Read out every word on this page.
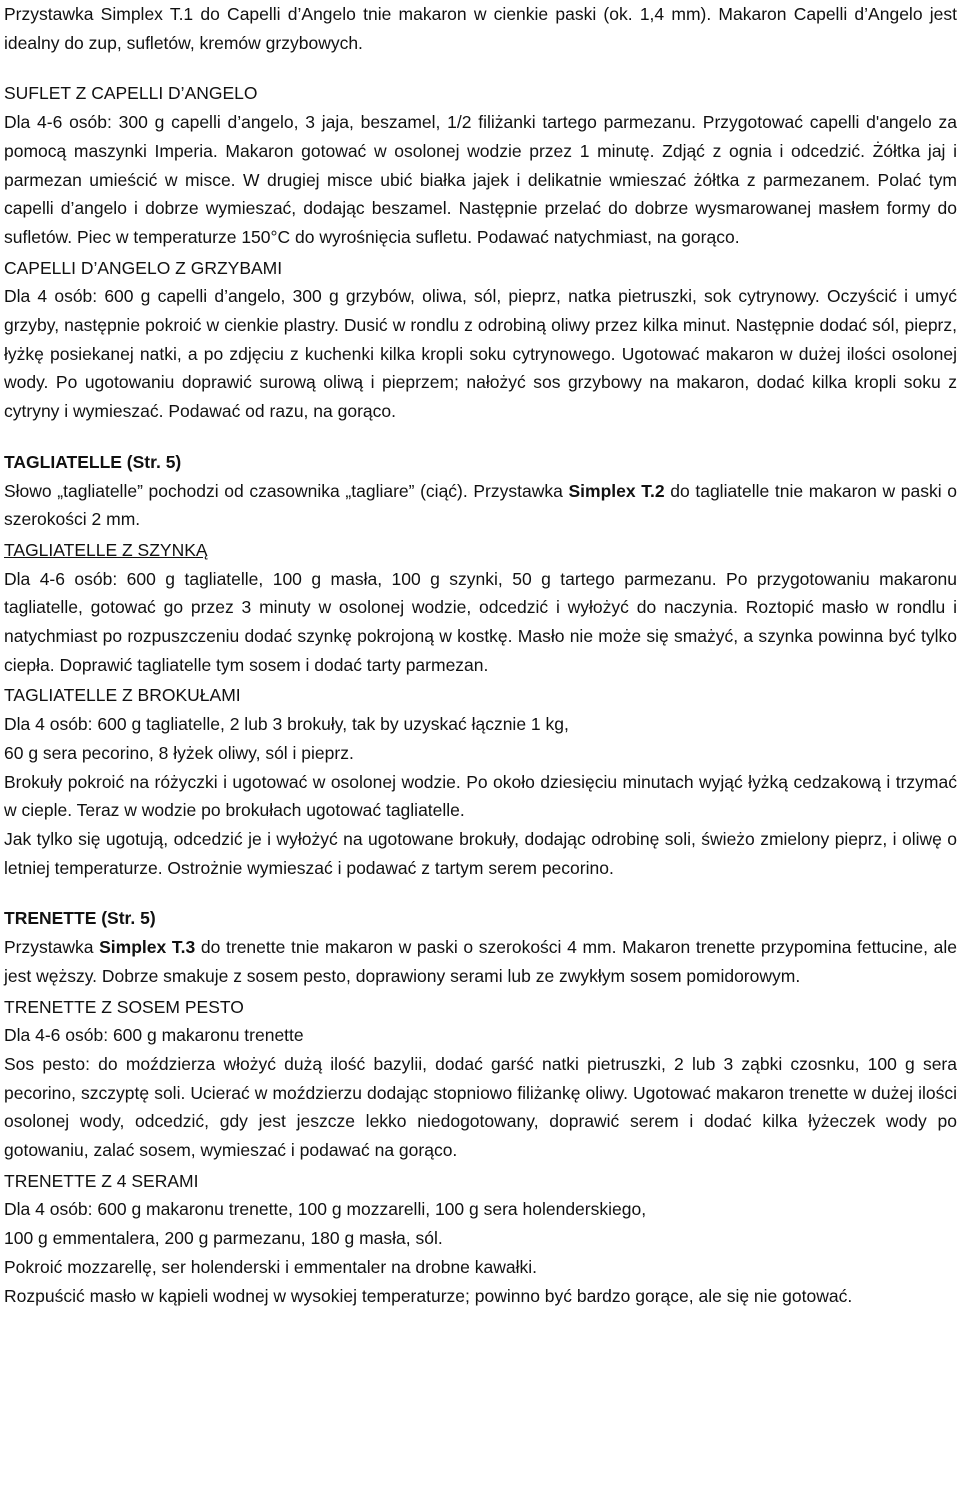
Przystawka Simplex T.1 do Capelli d’Angelo tnie makaron w cienkie paski (ok. 1,4 mm). Makaron Capelli d’Angelo jest idealny do zup, sufletów, kremów grzybowych.

SUFLET Z CAPELLI D’ANGELO

Dla 4-6 osób: 300 g capelli d’angelo, 3 jaja, beszamel, 1/2 filiżanki tartego parmezanu. Przygotować capelli d'angelo za pomocą maszynki Imperia. Makaron gotować w osolonej wodzie przez 1 minutę. Zdjąć z ognia i odcedzić. Żółtka jaj i parmezan umieścić w misce. W drugiej misce ubić białka jajek i delikatnie wmieszać żółtka z parmezanem. Polać tym capelli d’angelo i dobrze wymieszać, dodając beszamel. Następnie przelać do dobrze wysmarowanej masłem formy do sufletów. Piec w temperaturze 150°C do wyrośnięcia sufletu. Podawać natychmiast, na gorąco.

CAPELLI D’ANGELO Z GRZYBAMI

Dla 4 osób: 600 g capelli d’angelo, 300 g grzybów, oliwa, sól, pieprz, natka pietruszki, sok cytrynowy. Oczyścić i umyć grzyby, następnie pokroić w cienkie plastry. Dusić w rondlu z odrobiną oliwy przez kilka minut. Następnie dodać sól, pieprz, łyżkę posiekanej natki, a po zdjęciu z kuchenki kilka kropli soku cytrynowego. Ugotować makaron w dużej ilości osolonej wody. Po ugotowaniu doprawić surową oliwą i pieprzem; nałożyć sos grzybowy na makaron, dodać kilka kropli soku z cytryny i wymieszać. Podawać od razu, na gorąco.

TAGLIATELLE (Str. 5)

Słowo „tagliatelle” pochodzi od czasownika „tagliare” (ciąć). Przystawka Simplex T.2 do tagliatelle tnie makaron w paski o szerokości 2 mm.

TAGLIATELLE Z SZYNKĄ

Dla 4-6 osób: 600 g tagliatelle, 100 g masła, 100 g szynki, 50 g tartego parmezanu. Po przygotowaniu makaronu tagliatelle, gotować go przez 3 minuty w osolonej wodzie, odcedzić i wyłożyć do naczynia. Roztopić masło w rondlu i natychmiast po rozpuszczeniu dodać szynkę pokrojoną w kostkę. Masło nie może się smażyć, a szynka powinna być tylko ciepła. Doprawić tagliatelle tym sosem i dodać tarty parmezan.

TAGLIATELLE Z BROKUŁAMI

Dla 4 osób: 600 g tagliatelle, 2 lub 3 brokuły, tak by uzyskać łącznie 1 kg,

60 g sera pecorino, 8 łyżek oliwy, sól i pieprz.

Brokuły pokroić na różyczki i ugotować w osolonej wodzie. Po około dziesięciu minutach wyjąć łyżką cedzakową i trzymać w cieple. Teraz w wodzie po brokułach ugotować tagliatelle.

Jak tylko się ugotują, odcedzić je i wyłożyć na ugotowane brokuły, dodając odrobinę soli, świeżo zmielony pieprz, i oliwę o letniej temperaturze. Ostrożnie wymieszać i podawać z tartym serem pecorino.

TRENETTE (Str. 5)

Przystawka Simplex T.3 do trenette tnie makaron w paski o szerokości 4 mm. Makaron trenette przypomina fettucine, ale jest węższy. Dobrze smakuje z sosem pesto, doprawiony serami lub ze zwykłym sosem pomidorowym.

TRENETTE Z SOSEM PESTO

Dla 4-6 osób: 600 g makaronu trenette

Sos pesto: do moździerza włożyć dużą ilość bazylii, dodać garść natki pietruszki, 2 lub 3 ząbki czosnku, 100 g sera pecorino, szczyptę soli. Ucierać w moździerzu dodając stopniowo filiżankę oliwy. Ugotować makaron trenette w dużej ilości osolonej wody, odcedzić, gdy jest jeszcze lekko niedogotowany, doprawić serem i dodać kilka łyżeczek wody po gotowaniu, zalać sosem, wymieszać i podawać na gorąco.

TRENETTE Z 4 SERAMI

Dla 4 osób: 600 g makaronu trenette, 100 g mozzarelli, 100 g sera holenderskiego,

100 g emmentalera, 200 g parmezanu, 180 g masła, sól.

Pokroić mozzarellę, ser holenderski i emmentaler na drobne kawałki.

Rozpuścić masło w kąpieli wodnej w wysokiej temperaturze; powinno być bardzo gorące, ale się nie gotować.
